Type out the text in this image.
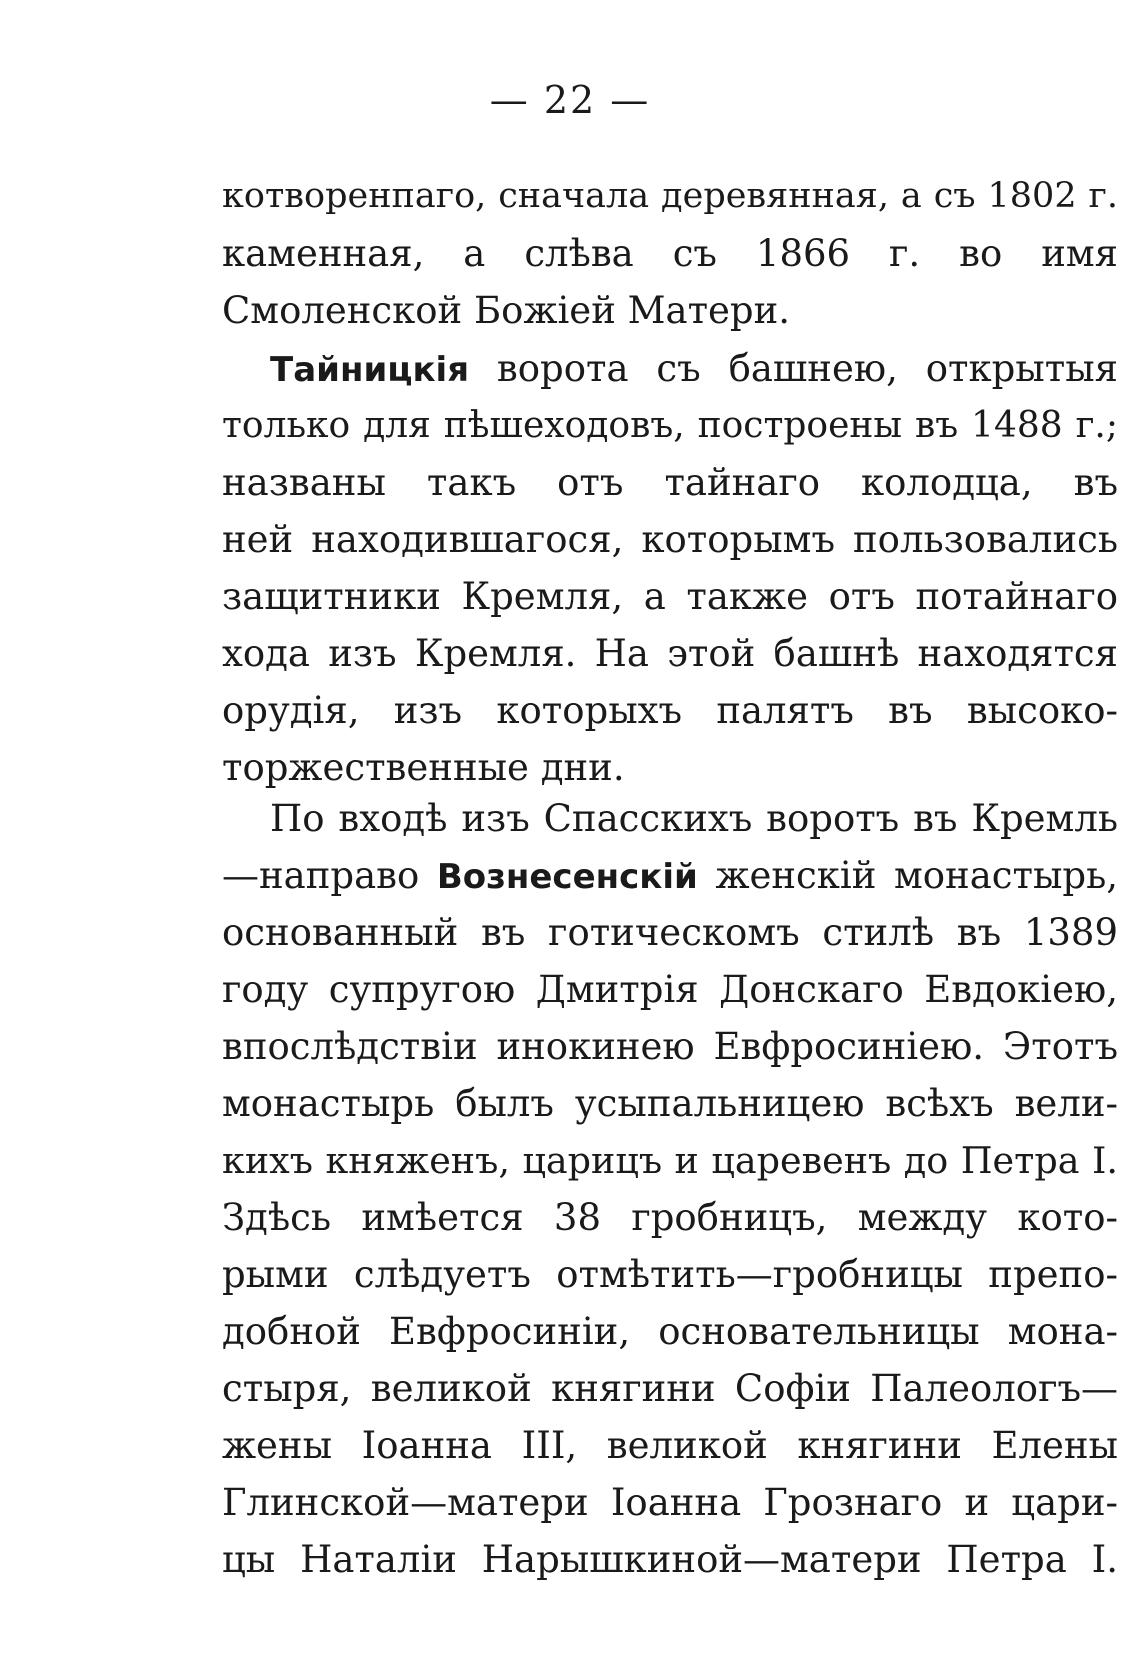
— 22 —
котворенпаго, сначала деревянная, а съ 1802 г.
каменная, а слѣва съ 1866 г. во имя
Смоленской Божіей Матери.
Тайницкія ворота съ башнею, открытыя
только для пѣшеходовъ, построены въ 1488 г.;
названы такъ отъ тайнаго колодца, въ
ней находившагося, которымъ пользовались
защитники Кремля, а также отъ потайнаго
хода изъ Кремля. На этой башнѣ находятся
орудія, изъ которыхъ палятъ въ высоко-
торжественные дни.
По входѣ изъ Спасскихъ воротъ въ Кремль
—направо Вознесенскій женскій монастырь,
основанный въ готическомъ стилѣ въ 1389
году супругою Дмитрія Донскаго Евдокіею,
впослѣдствіи инокинею Евфросиніею. Этотъ
монастырь былъ усыпальницею всѣхъ вели-
кихъ княженъ, царицъ и царевенъ до Петра I.
Здѣсь имѣется 38 гробницъ, между кото-
рыми слѣдуетъ отмѣтить—гробницы препо-
добной Евфросиніи, основательницы мона-
стыря, великой княгини Софіи Палеологъ—
жены Іоанна III, великой княгини Елены
Глинской—матери Іоанна Грознаго и цари-
цы Наталіи Нарышкиной—матери Петра I.
